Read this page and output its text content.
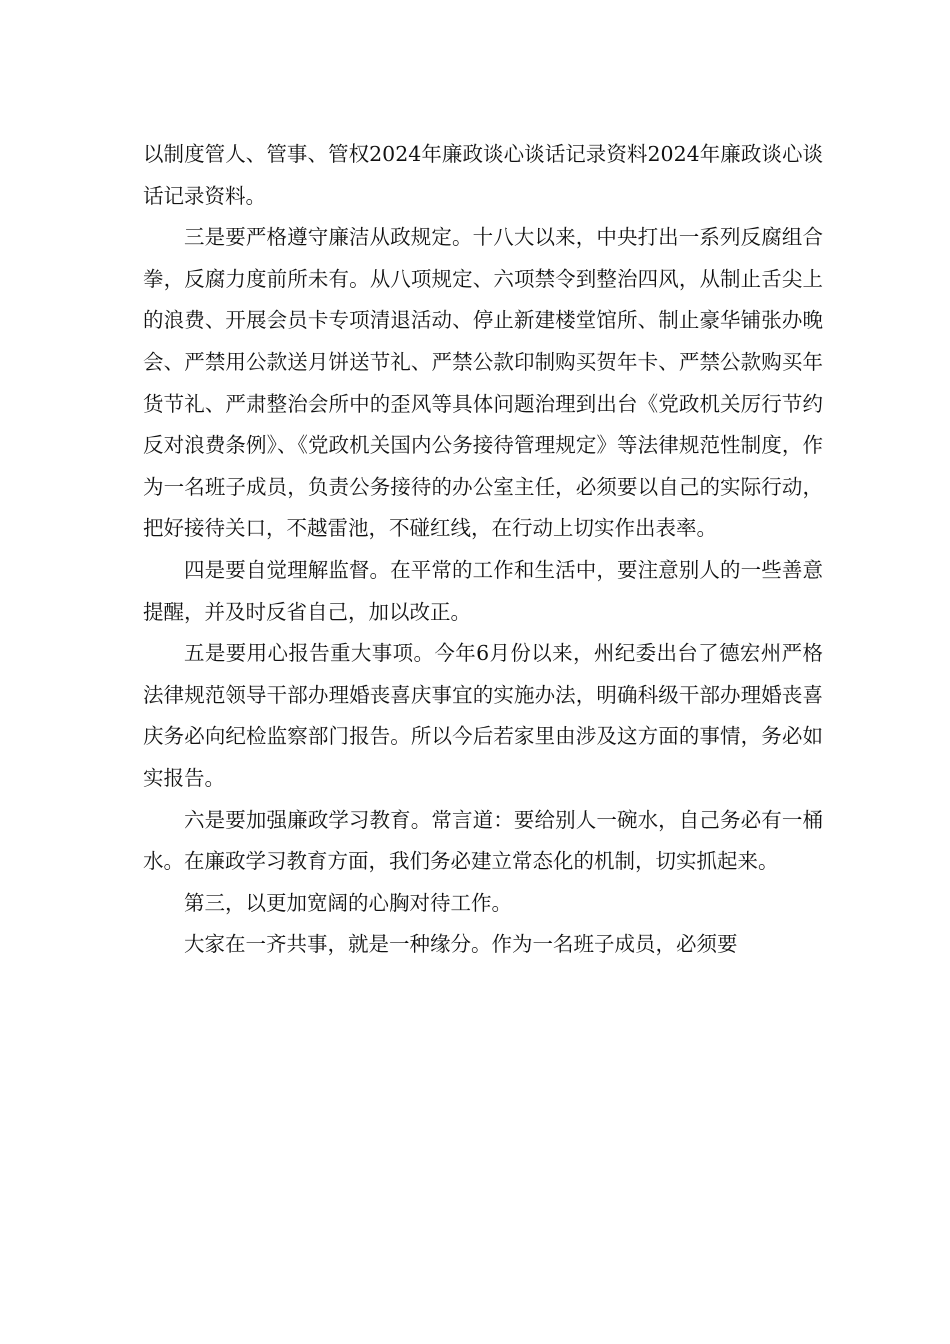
以制度管人、管事、管权2024年廉政谈心谈话记录资料2024年廉政谈心谈话记录资料。

三是要严格遵守廉洁从政规定。十八大以来，中央打出一系列反腐组合拳，反腐力度前所未有。从八项规定、六项禁令到整治四风，从制止舌尖上的浪费、开展会员卡专项清退活动、停止新建楼堂馆所、制止豪华铺张办晚会、严禁用公款送月饼送节礼、严禁公款印制购买贺年卡、严禁公款购买年货节礼、严肃整治会所中的歪风等具体问题治理到出台《党政机关厉行节约反对浪费条例》、《党政机关国内公务接待管理规定》等法律规范性制度，作为一名班子成员，负责公务接待的办公室主任，必须要以自己的实际行动，把好接待关口，不越雷池，不碰红线，在行动上切实作出表率。

四是要自觉理解监督。在平常的工作和生活中，要注意别人的一些善意提醒，并及时反省自己，加以改正。

五是要用心报告重大事项。今年6月份以来，州纪委出台了德宏州严格法律规范领导干部办理婚丧喜庆事宜的实施办法，明确科级干部办理婚丧喜庆务必向纪检监察部门报告。所以今后若家里由涉及这方面的事情，务必如实报告。

六是要加强廉政学习教育。常言道：要给别人一碗水，自己务必有一桶水。在廉政学习教育方面，我们务必建立常态化的机制，切实抓起来。

第三，以更加宽阔的心胸对待工作。

大家在一齐共事，就是一种缘分。作为一名班子成员，必须要
